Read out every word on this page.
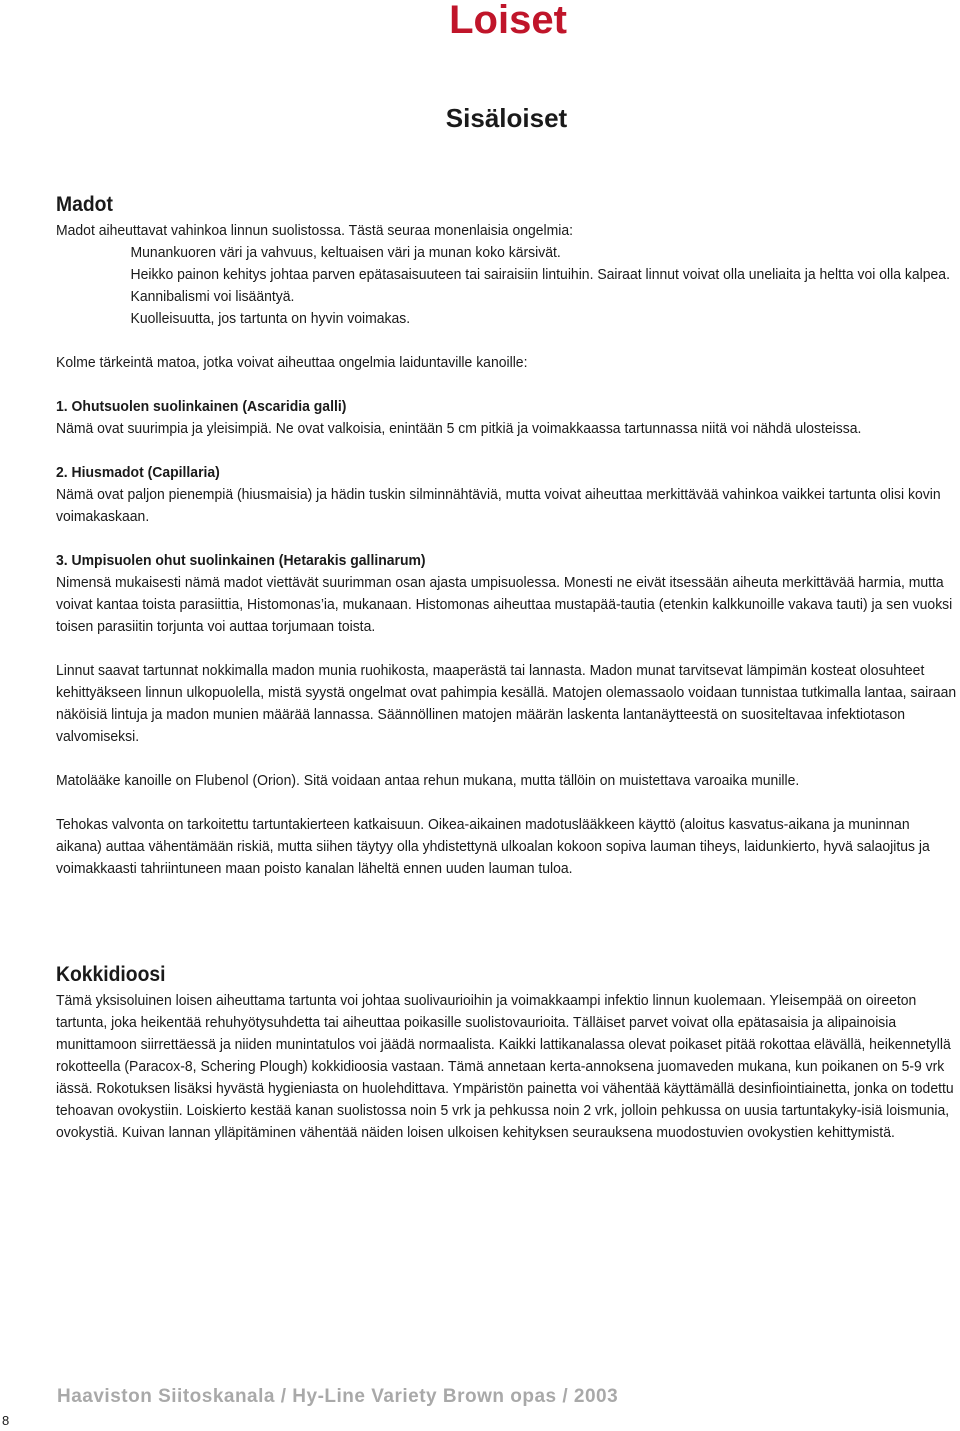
Loiset
Sisäloiset

Madot

Madot aiheuttavat vahinkoa linnun suolistossa. Tästä seuraa monenlaisia ongelmia:

Munankuoren väri ja vahvuus, keltuaisen väri ja munan koko kärsivät.

Heikko painon kehitys johtaa parven epätasaisuuteen tai sairaisiin lintuihin. Sairaat linnut voivat olla uneliaita ja heltta voi olla kalpea.

Kannibalismi voi lisääntyä.

Kuolleisuutta, jos tartunta on hyvin voimakas.

Kolme tärkeintä matoa, jotka voivat aiheuttaa ongelmia laiduntaville kanoille:

1. Ohutsuolen suolinkainen (Ascaridia galli)

Nämä ovat suurimpia ja yleisimpiä. Ne ovat valkoisia, enintään 5 cm pitkiä ja voimakkaassa tartunnassa niitä voi nähdä ulosteissa.

2. Hiusmadot (Capillaria)

Nämä ovat paljon pienempiä (hiusmaisia) ja hädin tuskin silminnähtäviä, mutta voivat aiheuttaa merkittävää vahinkoa vaikkei tartunta olisi kovin voimakaskaan.

3. Umpisuolen ohut suolinkainen (Hetarakis gallinarum)

Nimensä mukaisesti nämä madot viettävät suurimman osan ajasta umpisuolessa. Monesti ne eivät itsessään aiheuta merkittävää harmia, mutta voivat kantaa toista parasiittia, Histomonas’ia, mukanaan. Histomonas aiheuttaa mustapää-tautia (etenkin kalkkunoille vakava tauti) ja sen vuoksi toisen parasiitin torjunta voi auttaa torjumaan toista.

Linnut saavat tartunnat nokkimalla madon munia ruohikosta, maaperästä tai lannasta. Madon munat tarvitsevat lämpimän kosteat olosuhteet kehittyäkseen linnun ulkopuolella, mistä syystä ongelmat ovat pahimpia kesällä. Matojen olemassaolo voidaan tunnistaa tutkimalla lantaa, sairaan näköisiä lintuja ja madon munien määrää lannassa. Säännöllinen matojen määrän laskenta lantanäytteestä on suositeltavaa infektiotason valvomiseksi.

Matolääke kanoille on Flubenol (Orion). Sitä voidaan antaa rehun mukana, mutta tällöin on muistettava varoaika munille.

Tehokas valvonta on tarkoitettu tartuntakierteen katkaisuun. Oikea-aikainen madotuslääkkeen käyttö (aloitus kasvatus-aikana ja muninnan aikana) auttaa vähentämään riskiä, mutta siihen täytyy olla yhdistettynä ulkoalan kokoon sopiva lauman tiheys, laidunkierto, hyvä salaojitus ja voimakkaasti tahriintuneen maan poisto kanalan läheltä ennen uuden lauman tuloa.

Kokkidioosi

Tämä yksisoluinen loisen aiheuttama tartunta voi johtaa suolivaurioihin ja voimakkaampi infektio linnun kuolemaan. Yleisempää on oireeton tartunta, joka heikentää rehuhyötysuhdetta tai aiheuttaa poikasille suolistovaurioita. Tälläiset parvet voivat olla epätasaisia ja alipainoisia munittamoon siirrettäessä ja niiden munintatulos voi jäädä normaalista. Kaikki lattikanalassa olevat poikaset pitää rokottaa elävällä, heikennetyllä rokotteella (Paracox-8, Schering Plough) kokkidioosia vastaan. Tämä annetaan kerta-annoksena juomaveden mukana, kun poikanen on 5-9 vrk iässä. Rokotuksen lisäksi hyvästä hygieniasta on huolehdittava. Ympäristön painetta voi vähentää käyttämällä desinfiointiainetta, jonka on todettu tehoavan ovokystiin. Loiskierto kestää kanan suolistossa noin 5 vrk ja pehkussa noin 2 vrk, jolloin pehkussa on uusia tartuntakyky-isiä loismunia, ovokystiä. Kuivan lannan ylläpitäminen vähentää näiden loisen ulkoisen kehityksen seurauksena muodostuvien ovokystien kehittymistä.

Haaviston Siitoskanala / Hy-Line Variety Brown opas / 2003

8
